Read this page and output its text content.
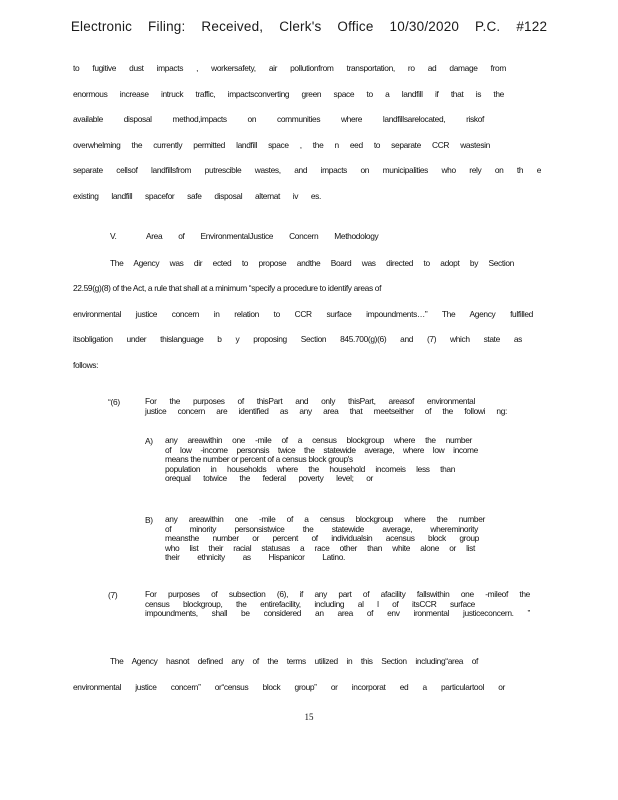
Electronic Filing: Received, Clerk's Office 10/30/2020 P.C. #122
to fugitive dust impacts , workersafety, air pollutionfrom transportation, ro ad damage from
enormous increase intruck traffic, impactsconverting green space to a landfill if that is the
available disposal method,impacts on communities where landfillsarelocated, riskof
overwhelming the currently permitted landfill space , the n eed to separate CCR wastesin
separate cellsof landfillsfrom putrescible wastes, and impacts on municipalities who rely on th e
existing landfill spacefor safe disposal altemat iv es.
V.	Area of EnvironmentalJustice Concern Methodology
The Agency was dir ected to propose andthe Board was directed to adopt by Section
22.59(g)(8) of the Act, a rule that shall at a minimum “specify a procedure to identify areas of
environmental justice concern in relation to CCR surface impoundments…” The Agency fulfilled
itsobligation under thislanguage b y proposing Section 845.700(g)(6) and (7) which state as
follows:
“(6)	For the purposes of thisPart and only thisPart, areasof environmental
justice concern are identified as any area that meetseither of the followi ng:
A) any areawithin one -mile of a census blockgroup where the number
of low -income personsis twice the statewide average, where low income
means the number or percent of a census block group's
population in households where the household incomeis less than
orequal totwice the federal poverty level; or
B) any areawithin one -mile of a census blockgroup where the number
of minority personsistwice the statewide average, whereminority
meansthe number or percent of individualsin acensus block group
who list their racial statusas a race other than white alone or list
their ethnicity as Hispanicor Latino.
(7)	For purposes of subsection (6), if any part of afacility fallswithin one -mileof the
census blockgroup, the entirefacility, including al l of itsCCR surface
impoundments, shall be considered an area of env ironmental justiceconcern. ”
The Agency hasnot defined any of the terms utilized in this Section including“area of
environmental justice concern” or“census block group” or incorporat ed a particulartool or
15
